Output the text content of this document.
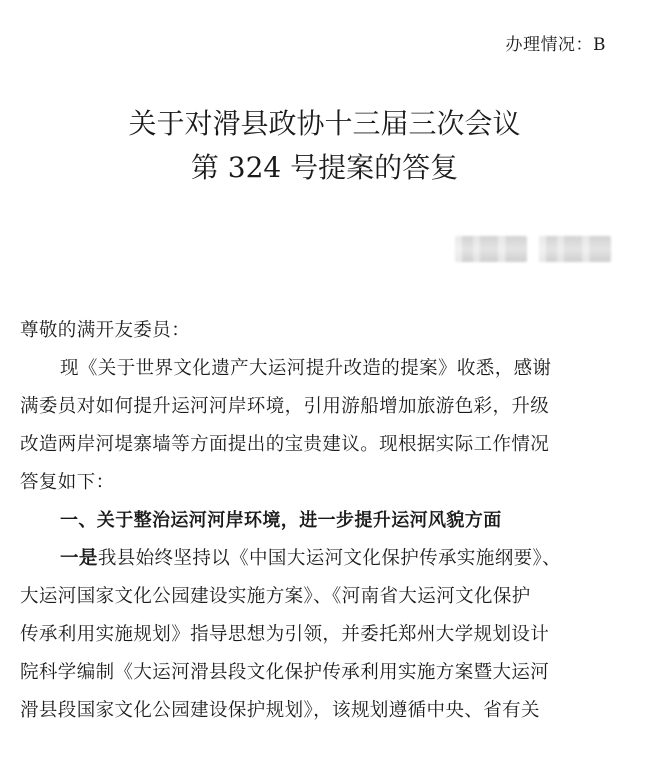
办理情况：B
关于对滑县政协十三届三次会议
第 324 号提案的答复
尊敬的满开友委员：
现《关于世界文化遗产大运河提升改造的提案》收悉，感谢
满委员对如何提升运河河岸环境，引用游船增加旅游色彩，升级
改造两岸河堤寨墙等方面提出的宝贵建议。现根据实际工作情况
答复如下：
一、关于整治运河河岸环境，进一步提升运河风貌方面
一是我县始终坚持以《中国大运河文化保护传承实施纲要》、
大运河国家文化公园建设实施方案》、《河南省大运河文化保护
传承利用实施规划》指导思想为引领，并委托郑州大学规划设计
院科学编制《大运河滑县段文化保护传承利用实施方案暨大运河
滑县段国家文化公园建设保护规划》，该规划遵循中央、省有关
